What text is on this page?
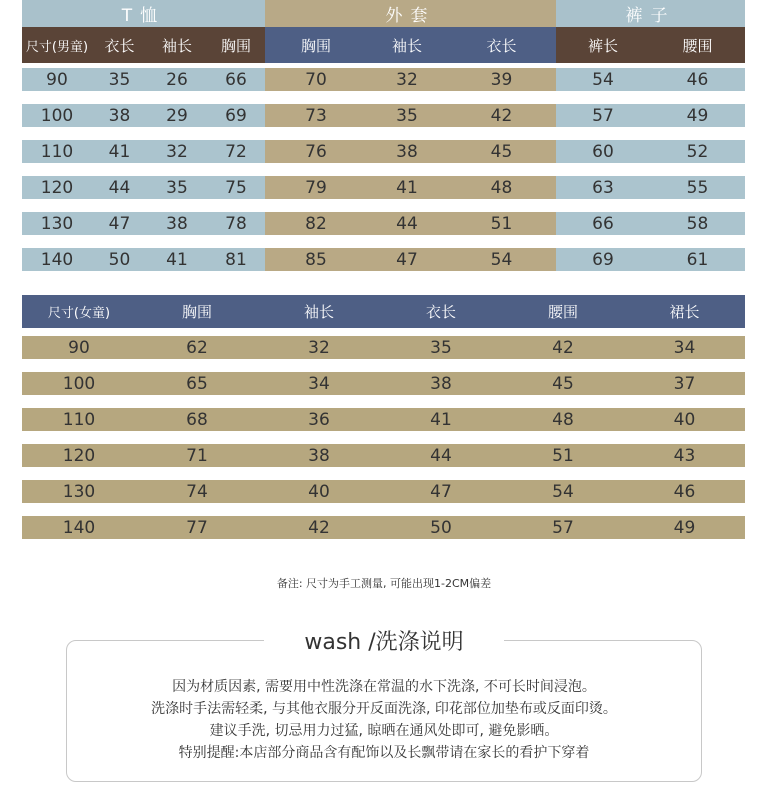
T恤	外套	裤子
尺寸(男童)	衣长	袖长	胸围	胸围	袖长	衣长	裤长	腰围
90	35	26	66	70	32	39	54	46
100	38	29	69	73	35	42	57	49
110	41	32	72	76	38	45	60	52
120	44	35	75	79	41	48	63	55
130	47	38	78	82	44	51	66	58
140	50	41	81	85	47	54	69	61
尺寸(女童)	胸围	袖长	衣长	腰围	裙长
90	62	32	35	42	34
100	65	34	38	45	37
110	68	36	41	48	40
120	71	38	44	51	43
130	74	40	47	54	46
140	77	42	50	57	49
备注: 尺寸为手工测量, 可能出现1-2CM偏差
wash /洗涤说明
因为材质因素, 需要用中性洗涤在常温的水下洗涤, 不可长时间浸泡。
洗涤时手法需轻柔, 与其他衣服分开反面洗涤, 印花部位加垫布或反面印烫。
建议手洗, 切忌用力过猛, 晾晒在通风处即可, 避免影晒。
特别提醒:本店部分商品含有配饰以及长飘带请在家长的看护下穿着
